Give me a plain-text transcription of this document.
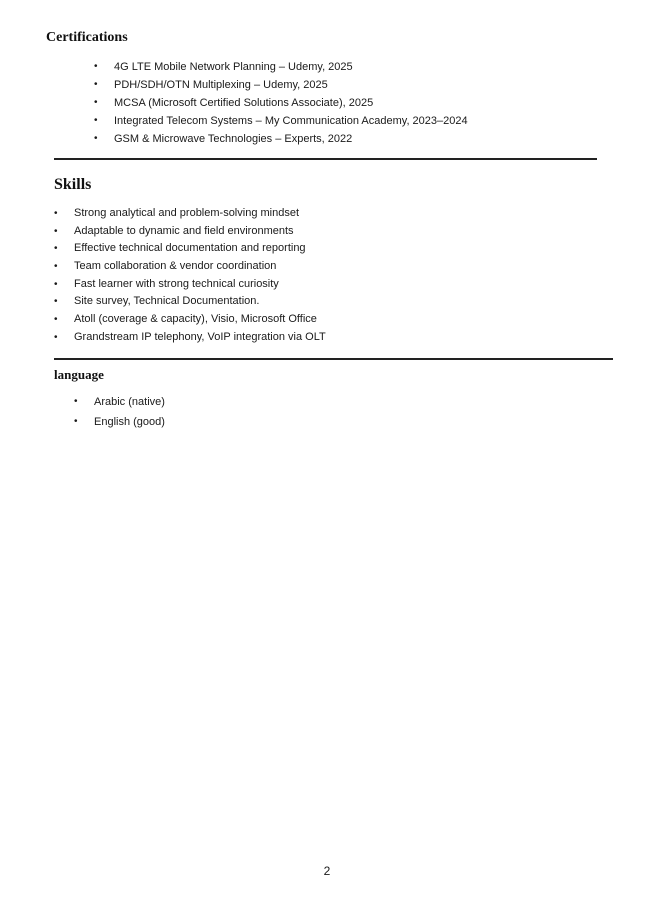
Certifications
• 4G LTE Mobile Network Planning – Udemy, 2025
• PDH/SDH/OTN Multiplexing – Udemy, 2025
• MCSA (Microsoft Certified Solutions Associate), 2025
• Integrated Telecom Systems – My Communication Academy, 2023–2024
• GSM & Microwave Technologies – Experts, 2022
Skills
• Strong analytical and problem-solving mindset
• Adaptable to dynamic and field environments
• Effective technical documentation and reporting
• Team collaboration & vendor coordination
• Fast learner with strong technical curiosity
• Site survey, Technical Documentation.
• Atoll (coverage & capacity), Visio, Microsoft Office
• Grandstream IP telephony, VoIP integration via OLT
language
• Arabic (native)
• English (good)
2
